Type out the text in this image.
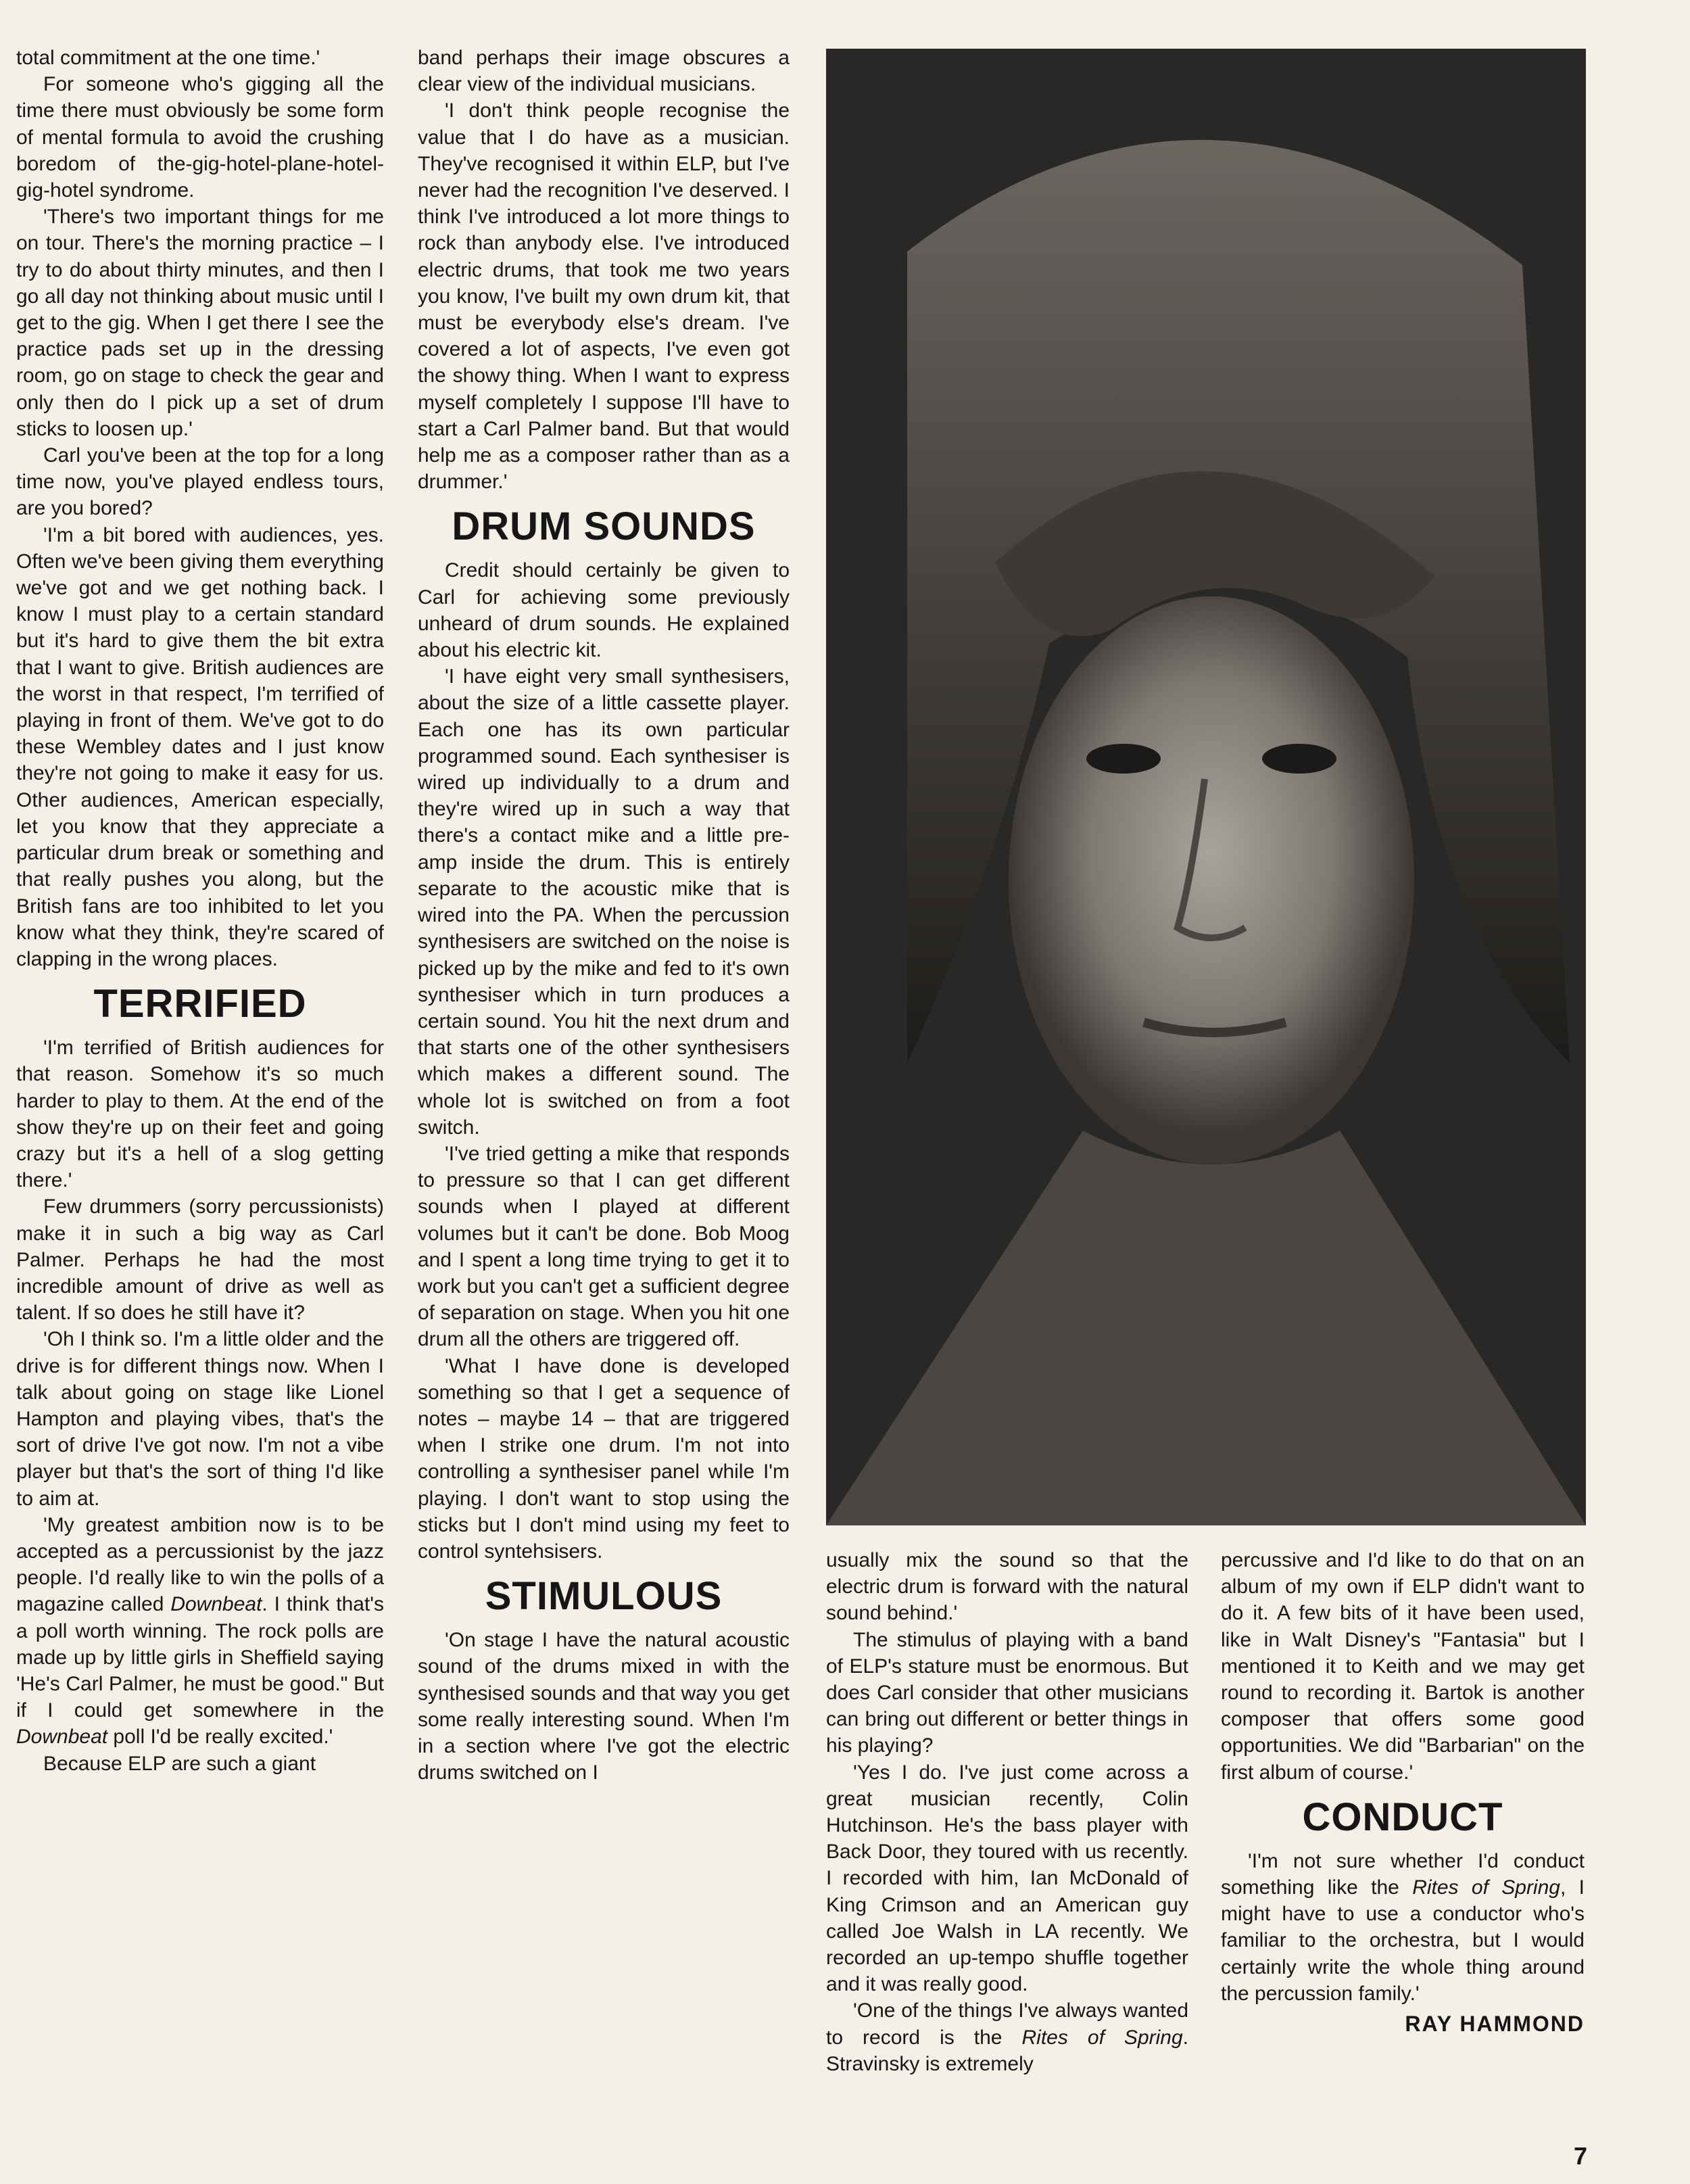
total commitment at the one time.'

For someone who's gigging all the time there must obviously be some form of mental formula to avoid the crushing boredom of the-gig-hotel-plane-hotel-gig-hotel syndrome.

'There's two important things for me on tour. There's the morning practice – I try to do about thirty minutes, and then I go all day not thinking about music until I get to the gig. When I get there I see the practice pads set up in the dressing room, go on stage to check the gear and only then do I pick up a set of drum sticks to loosen up.'

Carl you've been at the top for a long time now, you've played endless tours, are you bored?

'I'm a bit bored with audiences, yes. Often we've been giving them everything we've got and we get nothing back. I know I must play to a certain standard but it's hard to give them the bit extra that I want to give. British audiences are the worst in that respect, I'm terrified of playing in front of them. We've got to do these Wembley dates and I just know they're not going to make it easy for us. Other audiences, American especially, let you know that they appreciate a particular drum break or something and that really pushes you along, but the British fans are too inhibited to let you know what they think, they're scared of clapping in the wrong places.

TERRIFIED

'I'm terrified of British audiences for that reason. Somehow it's so much harder to play to them. At the end of the show they're up on their feet and going crazy but it's a hell of a slog getting there.'

Few drummers (sorry percussionists) make it in such a big way as Carl Palmer. Perhaps he had the most incredible amount of drive as well as talent. If so does he still have it?

'Oh I think so. I'm a little older and the drive is for different things now. When I talk about going on stage like Lionel Hampton and playing vibes, that's the sort of drive I've got now. I'm not a vibe player but that's the sort of thing I'd like to aim at.

'My greatest ambition now is to be accepted as a percussionist by the jazz people. I'd really like to win the polls of a magazine called Downbeat. I think that's a poll worth winning. The rock polls are made up by little girls in Sheffield saying 'He's Carl Palmer, he must be good." But if I could get somewhere in the Downbeat poll I'd be really excited.'

Because ELP are such a giant

band perhaps their image obscures a clear view of the individual musicians.

'I don't think people recognise the value that I do have as a musician. They've recognised it within ELP, but I've never had the recognition I've deserved. I think I've introduced a lot more things to rock than anybody else. I've introduced electric drums, that took me two years you know, I've built my own drum kit, that must be everybody else's dream. I've covered a lot of aspects, I've even got the showy thing. When I want to express myself completely I suppose I'll have to start a Carl Palmer band. But that would help me as a composer rather than as a drummer.'

DRUM SOUNDS

Credit should certainly be given to Carl for achieving some previously unheard of drum sounds. He explained about his electric kit.

'I have eight very small synthesisers, about the size of a little cassette player. Each one has its own particular programmed sound. Each synthesiser is wired up individually to a drum and they're wired up in such a way that there's a contact mike and a little pre-amp inside the drum. This is entirely separate to the acoustic mike that is wired into the PA. When the percussion synthesisers are switched on the noise is picked up by the mike and fed to it's own synthesiser which in turn produces a certain sound. You hit the next drum and that starts one of the other synthesisers which makes a different sound. The whole lot is switched on from a foot switch.

'I've tried getting a mike that responds to pressure so that I can get different sounds when I played at different volumes but it can't be done. Bob Moog and I spent a long time trying to get it to work but you can't get a sufficient degree of separation on stage. When you hit one drum all the others are triggered off.

'What I have done is developed something so that I get a sequence of notes – maybe 14 – that are triggered when I strike one drum. I'm not into controlling a synthesiser panel while I'm playing. I don't want to stop using the sticks but I don't mind using my feet to control syntehsisers.

STIMULOUS

'On stage I have the natural acoustic sound of the drums mixed in with the synthesised sounds and that way you get some really interesting sound. When I'm in a section where I've got the electric drums switched on I

usually mix the sound so that the electric drum is forward with the natural sound behind.'

The stimulus of playing with a band of ELP's stature must be enormous. But does Carl consider that other musicians can bring out different or better things in his playing?

'Yes I do. I've just come across a great musician recently, Colin Hutchinson. He's the bass player with Back Door, they toured with us recently. I recorded with him, Ian McDonald of King Crimson and an American guy called Joe Walsh in LA recently. We recorded an up-tempo shuffle together and it was really good.

'One of the things I've always wanted to record is the Rites of Spring. Stravinsky is extremely

percussive and I'd like to do that on an album of my own if ELP didn't want to do it. A few bits of it have been used, like in Walt Disney's "Fantasia" but I mentioned it to Keith and we may get round to recording it. Bartok is another composer that offers some good opportunities. We did "Barbarian" on the first album of course.'

CONDUCT

'I'm not sure whether I'd conduct something like the Rites of Spring, I might have to use a conductor who's familiar to the orchestra, but I would certainly write the whole thing around the percussion family.'

RAY HAMMOND
7
